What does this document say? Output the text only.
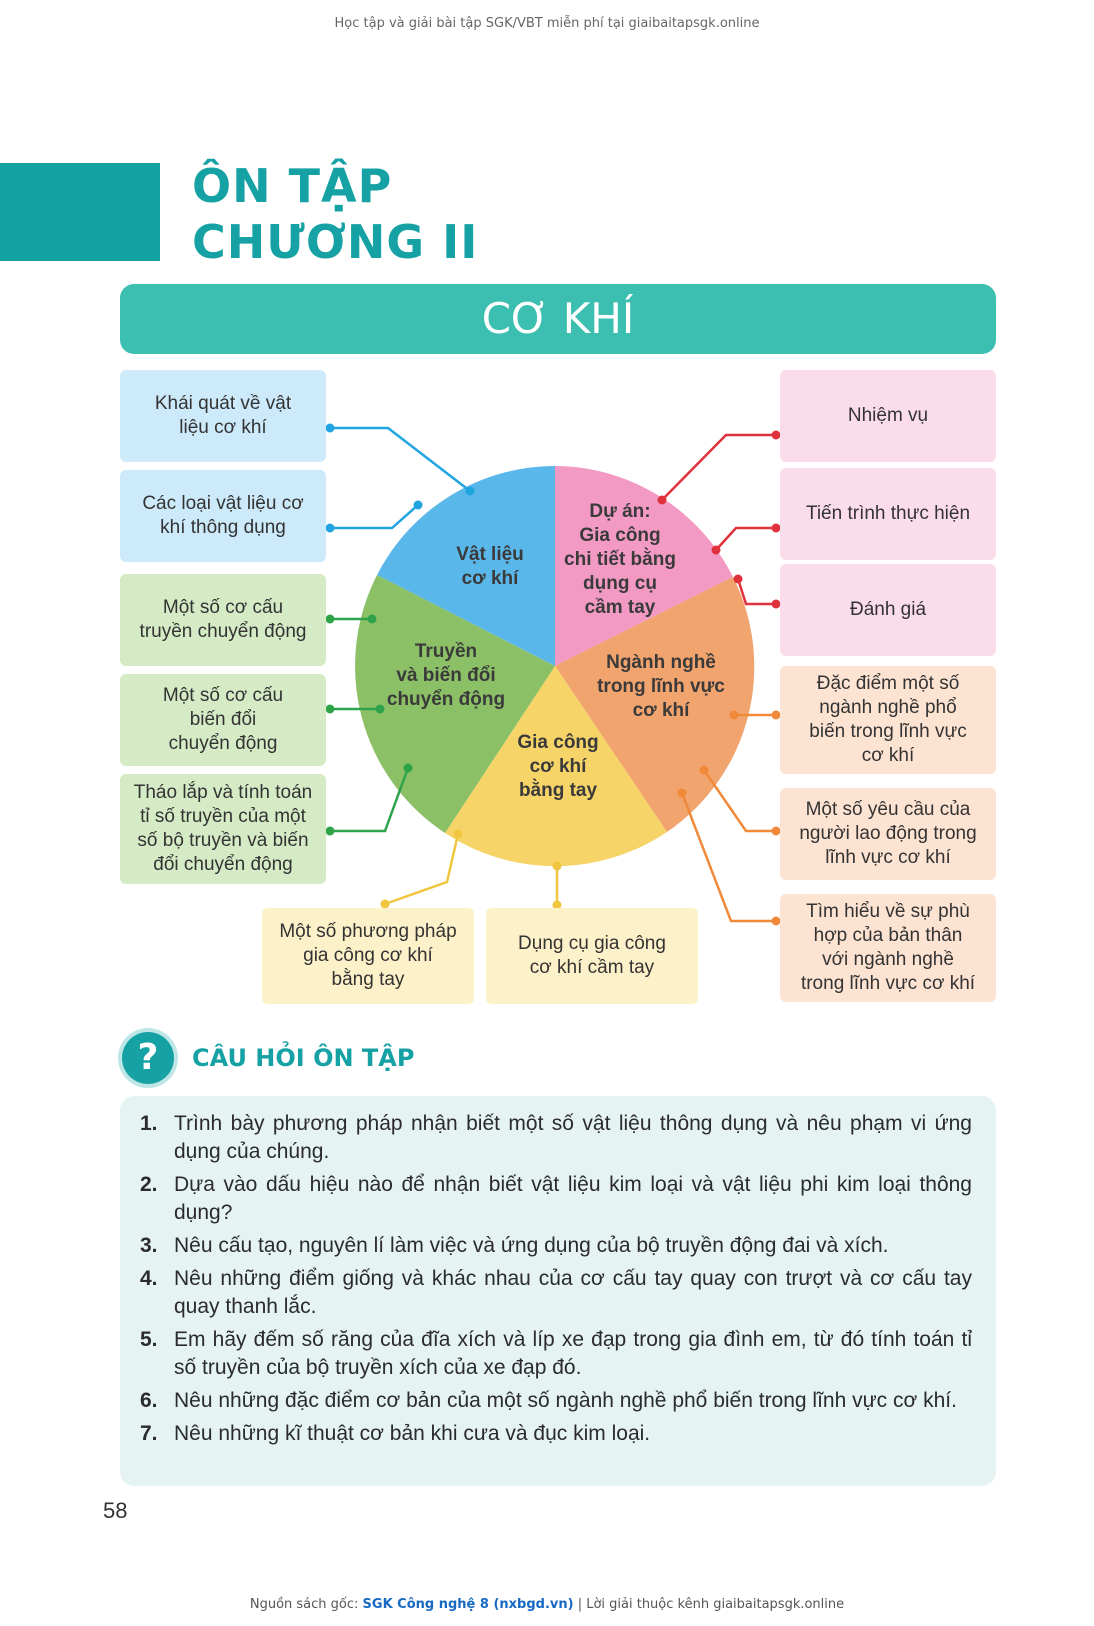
Học tập và giải bài tập SGK/VBT miễn phí tại giaibaitapsgk.online
ÔN TẬP
CHƯƠNG II
CƠ KHÍ
Vật liệu
cơ khí
Dự án:
Gia công
chi tiết bằng
dụng cụ
cầm tay
Ngành nghề
trong lĩnh vực
cơ khí
Gia công
cơ khí
bằng tay
Truyền
và biến đổi
chuyển động
Khái quát về vật
liệu cơ khí
Các loại vật liệu cơ
khí thông dụng
Một số cơ cấu
truyền chuyển động
Một số cơ cấu
biến đổi
chuyển động
Tháo lắp và tính toán
tỉ số truyền của một
số bộ truyền và biến
đổi chuyển động
Nhiệm vụ
Tiến trình thực hiện
Đánh giá
Đặc điểm một số
ngành nghề phổ
biến trong lĩnh vực
cơ khí
Một số yêu cầu của
người lao động trong
lĩnh vực cơ khí
Tìm hiểu về sự phù
hợp của bản thân
với ngành nghề
trong lĩnh vực cơ khí
Một số phương pháp
gia công cơ khí
bằng tay
Dụng cụ gia công
cơ khí cầm tay
?	CÂU HỎI ÔN TẬP
1. Trình bày phương pháp nhận biết một số vật liệu thông dụng và nêu phạm vi ứng dụng của chúng.
2. Dựa vào dấu hiệu nào để nhận biết vật liệu kim loại và vật liệu phi kim loại thông dụng?
3. Nêu cấu tạo, nguyên lí làm việc và ứng dụng của bộ truyền động đai và xích.
4. Nêu những điểm giống và khác nhau của cơ cấu tay quay con trượt và cơ cấu tay quay thanh lắc.
5. Em hãy đếm số răng của đĩa xích và líp xe đạp trong gia đình em, từ đó tính toán tỉ số truyền của bộ truyền xích của xe đạp đó.
6. Nêu những đặc điểm cơ bản của một số ngành nghề phổ biến trong lĩnh vực cơ khí.
7. Nêu những kĩ thuật cơ bản khi cưa và đục kim loại.
58
Nguồn sách gốc: SGK Công nghệ 8 (nxbgd.vn) | Lời giải thuộc kênh giaibaitapsgk.online
